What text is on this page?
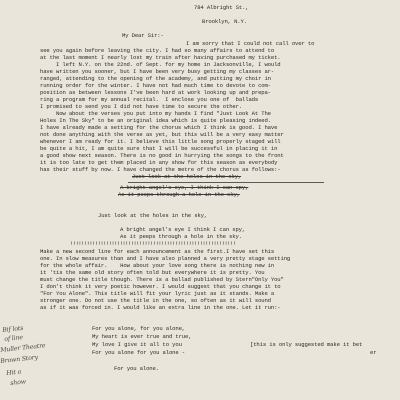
784 Albright St.,
Brooklyn, N.Y.
My Dear Sir:-
I am sorry that I could not call over to
see you again before leaving the city. I had so many affairs to attend to
at the last moment I nearly lost my train after having purchased my ticket.
I left N.Y. on the 22nd. of Sept. for my home in Jacksonville, I would
have written you sooner, but I have been very busy getting my classes ar-
ranged, attending to the opening of the academy, and putting my choir in
running order for the winter. I have not had much time to devote to com-
position as between lessons I've been hard at work looking up and prepa-
ring a program for my annual recital.  I enclose you one of  ballads
I promised to send you I did not have time to secure the other.
Now about the verses you put into my hands I find "Just Look At The
Holes In The Sky" to be an original idea which is quite pleasing indeed.
I have already made a setting for the chorus which I think is good. I have
not done anything with the verse as yet, but this will be a very easy matter
whenever I am ready for it. I believe this little song properly staged will
be quite a hit, I am quite sure that I will be successful in placing it in
a good show next season. There is no good in hurrying the songs to the front
it is too late to get them placed in any show for this season as everybody
has their stuff by now. I have changed the metre of the chorus as follows:-
Just look at the holes in the sky,
A bright angel's eye, I think I can spy,
As it peeps through a hole in the sky,
Just look at the holes in the sky,
A bright angel's eye I think I can spy,
As it peeps through a hole in the sky.
!!!!!!!!!!!!!!!!!!!!!!!!!!!!!!!!!!!!!!!!!!!!!!!!!!!!!!!!!!!!
Make a new second line for each announcement as the first.I have set this
one. In slow measures than and I have also planned a very pretty stage setting
for the whole affair.    How about your love song there is nothing new in
it 'tis the same old story often told but everywhere it is pretty. You
must change the title though. There is a ballad published by Stern"Only You"
I don't think it very poetic however. I would suggest that you change it to
"For You Alone". This title will fit your lyric just as it stands. Make a
stronger one. Do not use the title in the one, so often as it will sound
as if it was forced in. I would like an extra line in the one. Let it run:-
For you alone, for you alone,
My heart is ever true and true,
My love I give it all to you	[this is only suggested make it bet
er
For you alone for you alone -
For you alone.
Bif lots
of line
Muller Theatre
Brown Story
Hit a
show
